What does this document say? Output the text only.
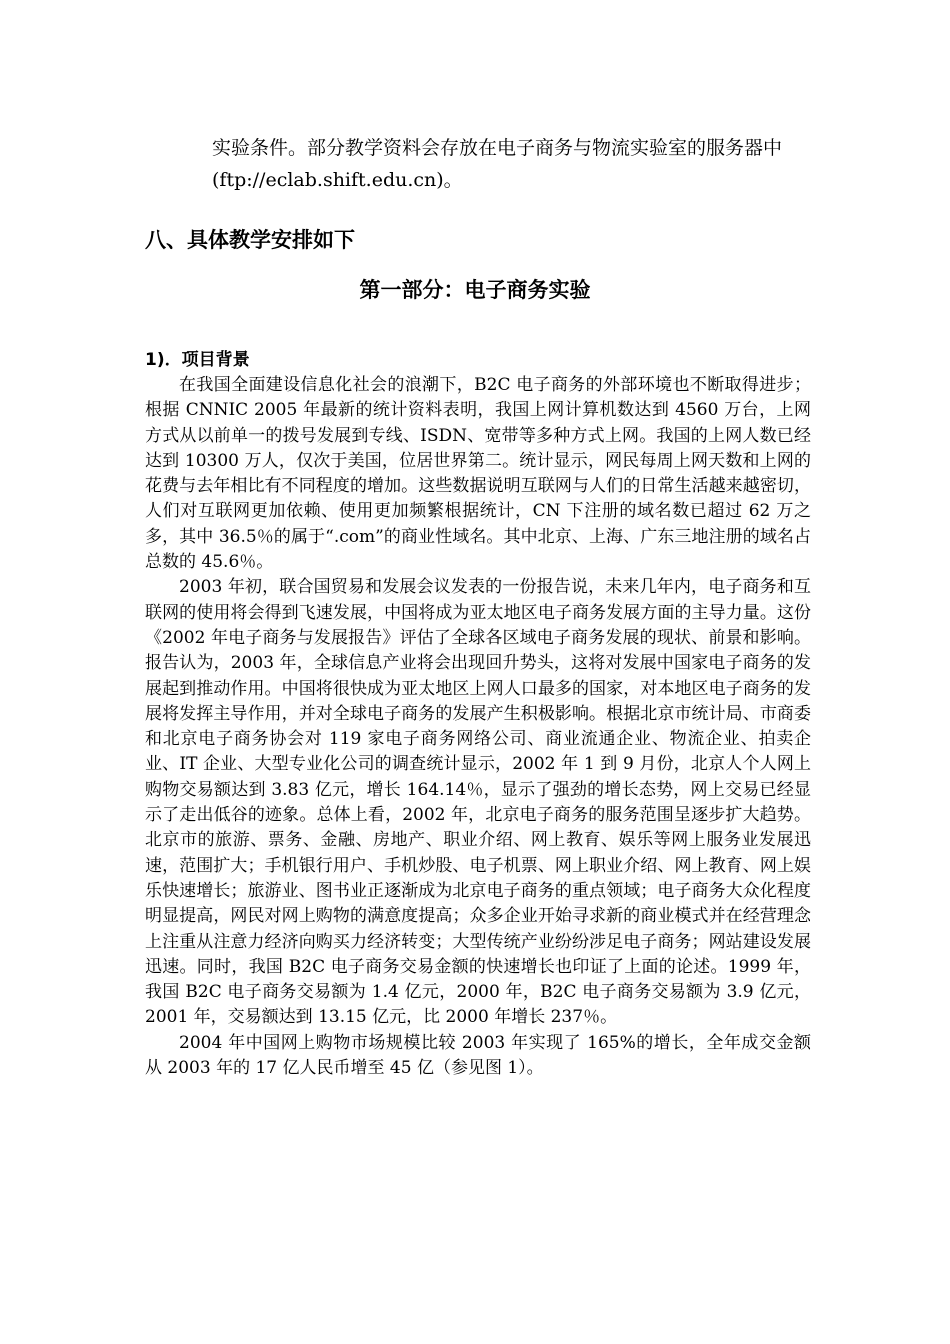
实验条件。部分教学资料会存放在电子商务与物流实验室的服务器中

(ftp://eclab.shift.edu.cn)。

八、具体教学安排如下
第一部分：电子商务实验
1)．项目背景

在我国全面建设信息化社会的浪潮下，B2C 电子商务的外部环境也不断取得进步；根据 CNNIC 2005 年最新的统计资料表明，我国上网计算机数达到 4560 万台，上网方式从以前单一的拨号发展到专线、ISDN、宽带等多种方式上网。我国的上网人数已经达到 10300 万人，仅次于美国，位居世界第二。统计显示，网民每周上网天数和上网的花费与去年相比有不同程度的增加。这些数据说明互联网与人们的日常生活越来越密切，人们对互联网更加依赖、使用更加频繁根据统计，CN 下注册的域名数已超过 62 万之多，其中 36.5％的属于“.com”的商业性域名。其中北京、上海、广东三地注册的域名占总数的 45.6％。

2003 年初，联合国贸易和发展会议发表的一份报告说，未来几年内，电子商务和互联网的使用将会得到飞速发展，中国将成为亚太地区电子商务发展方面的主导力量。这份《2002 年电子商务与发展报告》评估了全球各区域电子商务发展的现状、前景和影响。报告认为，2003 年，全球信息产业将会出现回升势头，这将对发展中国家电子商务的发展起到推动作用。中国将很快成为亚太地区上网人口最多的国家，对本地区电子商务的发展将发挥主导作用，并对全球电子商务的发展产生积极影响。根据北京市统计局、市商委和北京电子商务协会对 119 家电子商务网络公司、商业流通企业、物流企业、拍卖企业、IT 企业、大型专业化公司的调查统计显示，2002 年 1 到 9 月份，北京人个人网上购物交易额达到 3.83 亿元，增长 164.14％，显示了强劲的增长态势，网上交易已经显示了走出低谷的迹象。总体上看，2002 年，北京电子商务的服务范围呈逐步扩大趋势。北京市的旅游、票务、金融、房地产、职业介绍、网上教育、娱乐等网上服务业发展迅速，范围扩大；手机银行用户、手机炒股、电子机票、网上职业介绍、网上教育、网上娱乐快速增长；旅游业、图书业正逐渐成为北京电子商务的重点领域；电子商务大众化程度明显提高，网民对网上购物的满意度提高；众多企业开始寻求新的商业模式并在经营理念上注重从注意力经济向购买力经济转变；大型传统产业纷纷涉足电子商务；网站建设发展迅速。同时，我国 B2C 电子商务交易金额的快速增长也印证了上面的论述。1999 年，我国 B2C 电子商务交易额为 1.4 亿元，2000 年，B2C 电子商务交易额为 3.9 亿元，2001 年，交易额达到 13.15 亿元，比 2000 年增长 237％。

2004 年中国网上购物市场规模比较 2003 年实现了 165%的增长，全年成交金额从 2003 年的 17 亿人民币增至 45 亿（参见图 1）。
